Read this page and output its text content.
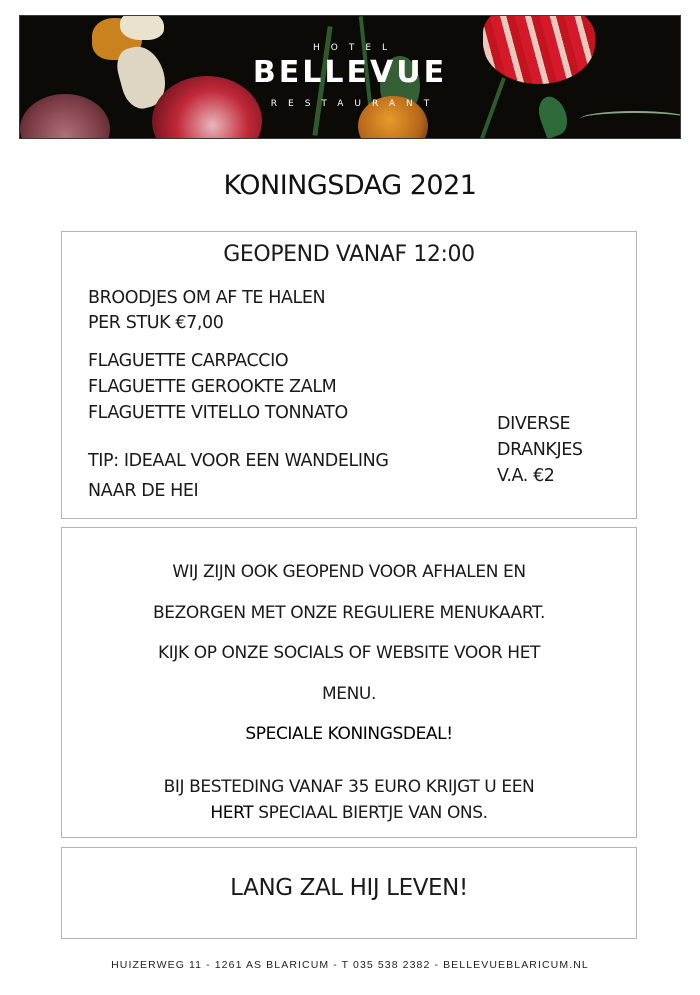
HOTEL
BELLEVUE
RESTAURANT
KONINGSDAG 2021
GEOPEND VANAF 12:00
BROODJES OM AF TE HALEN
PER STUK €7,00
FLAGUETTE CARPACCIO
FLAGUETTE GEROOKTE ZALM
FLAGUETTE VITELLO TONNATO
TIP: IDEAAL VOOR EEN WANDELING
NAAR DE HEI
DIVERSE
DRANKJES
V.A. €2
WIJ ZIJN OOK GEOPEND VOOR AFHALEN EN
BEZORGEN MET ONZE REGULIERE MENUKAART.
KIJK OP ONZE SOCIALS OF WEBSITE VOOR HET
MENU.
SPECIALE KONINGSDEAL!
BIJ BESTEDING VANAF 35 EURO KRIJGT U EEN
HERT SPECIAAL BIERTJE VAN ONS.
LANG ZAL HIJ LEVEN!
HUIZERWEG 11 - 1261 AS BLARICUM - T 035 538 2382 - BELLEVUEBLARICUM.NL
